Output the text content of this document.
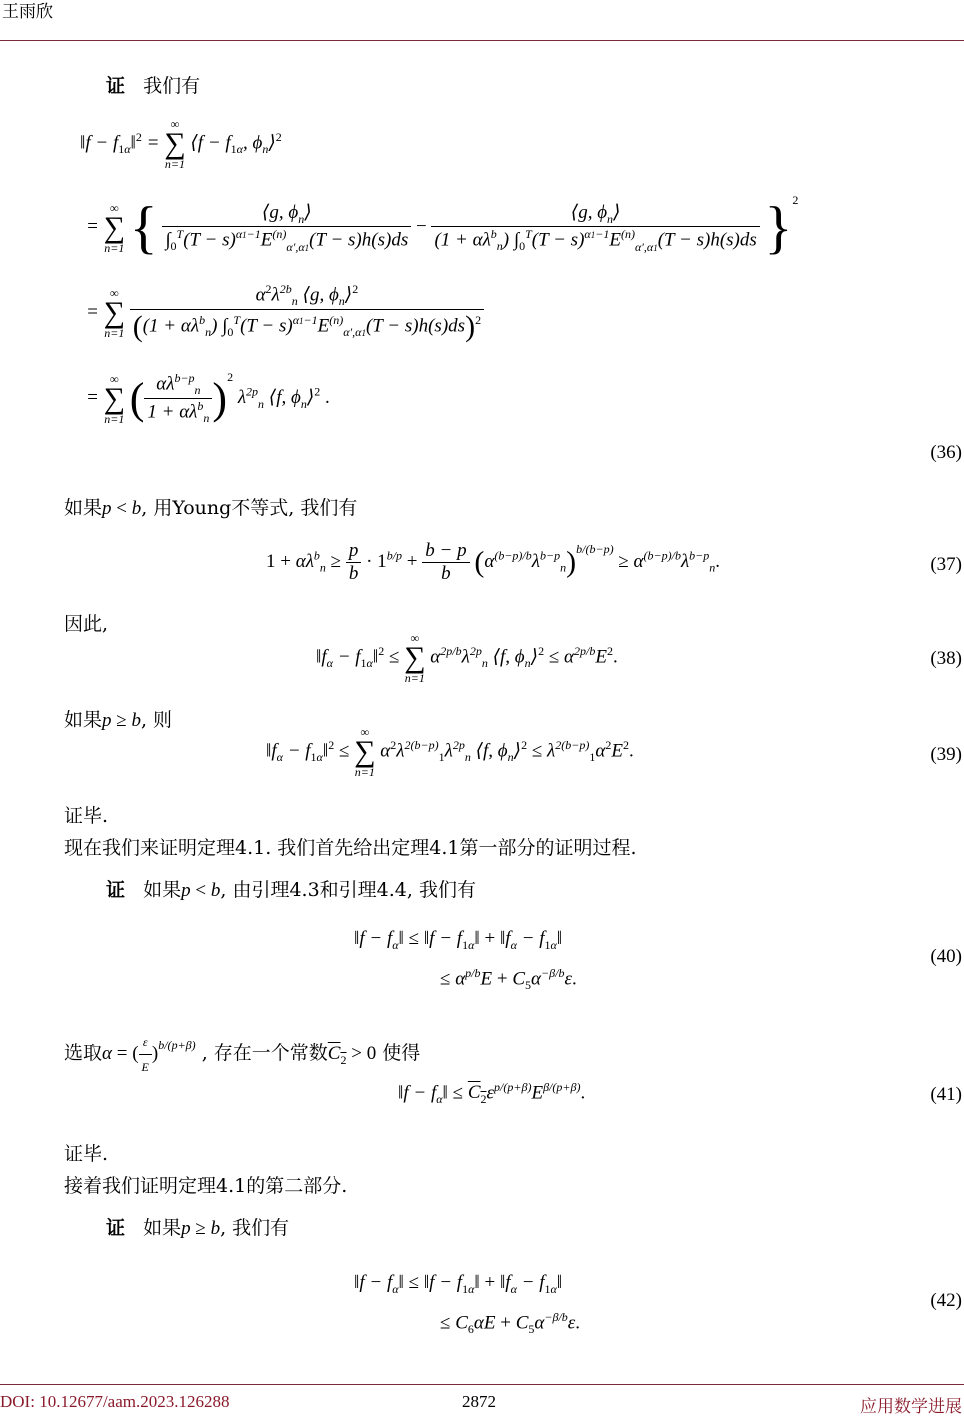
王雨欣
证 我们有
‖f − $f_{1\alpha}‖^2$ =
∞
∑
n=1
⟨f − $f_{1\alpha}$, $\phi_n⟩^2$
=
∞
∑
n=1 { $\frac{⟨g, \phi_n⟩}{\int_0^T(T - s)^{\alpha 1-1}E^{(n)}_{\alpha',\alpha 1}(T - s)h(s)ds} - \frac{⟨g, \phi_n⟩}{(1 + \alpha\lambda^b_n) \int_0^T(T - s)^{\alpha 1-1}E^{(n)}_{\alpha',\alpha 1}(T - s)h(s)ds} \}^2$
=
∞
∑
n=1
$\frac{\alpha^2\lambda^{2b}_n ⟨g, \phi_n⟩^2}{((1 + \alpha\lambda^b_n) \int_0^T(T - s)^{\alpha 1-1}E^{(n)}_{\alpha',\alpha 1}(T - s)h(s)ds)^2}$
=
∞
∑
n=1 ( $\frac{\alpha\lambda^{b-p}_n}{1 + \alpha\lambda^b_n} )^2$ $\lambda^{2p}_n$ ⟨f, $\phi_n⟩^2$ .
(36)
如果p < b, 用Young不等式, 我们有
$1 + \alpha\lambda^b_n \ge \frac{p}{b} \cdot 1^{b/p} + \frac{b - p}{b} (\alpha^{(b-p)/b}\lambda^{b-p}_n)^{b/(b-p)} \ge \alpha^{(b-p)/b}\lambda^{b-p}_n$.	(37)
因此,
$‖f_\alpha$ − $f_{1\alpha}‖^2$ ≤
∞
∑
n=1
$\alpha^{2p/b}\lambda^{2p}_n$ ⟨f, $\phi_n⟩^2 \le \alpha^{2p/b}E^2$.	(38)
如果p ≥ b, 则
$‖f_\alpha$ − $f_{1\alpha}‖^2$ ≤
∞
∑
n=1
$\alpha^2\lambda^{2(b-p)}_1\lambda^{2p}_n$ ⟨f, $\phi_n⟩^2 \le \lambda^{2(b-p)}_1\alpha^2E^2$.	(39)
证毕.
现在我们来证明定理4.1. 我们首先给出定理4.1第一部分的证明过程.
证 如果p < b, 由引理4.3和引理4.4, 我们有
‖f − $f_\alpha‖$ ≤ ‖f − $f_{1\alpha}‖$ + $‖f_\alpha$ − $f_{1\alpha}‖$
≤ $\alpha^{p/b}E + C_5\alpha^{-\beta/b}\varepsilon$.
(40)
选取α = ( $\frac{\varepsilon}{E} )^{b/(p+\beta)}$ , 存在一个常数$C_2 > 0$ 使得
‖f − $f_\alpha‖ \le C_2\varepsilon^{p/(p+\beta)}E^{\beta/(p+\beta)}$.	(41)
证毕.
接着我们证明定理4.1的第二部分.
证 如果p ≥ b, 我们有
‖f − $f_\alpha‖$ ≤ ‖f − $f_{1\alpha}‖$ + $‖f_\alpha$ − $f_{1\alpha}‖$
≤ $C_6\alpha E + C_5\alpha^{-\beta/b}\varepsilon$.
(42)
DOI: 10.12677/aam.2023.126288	2872	应用数学进展
